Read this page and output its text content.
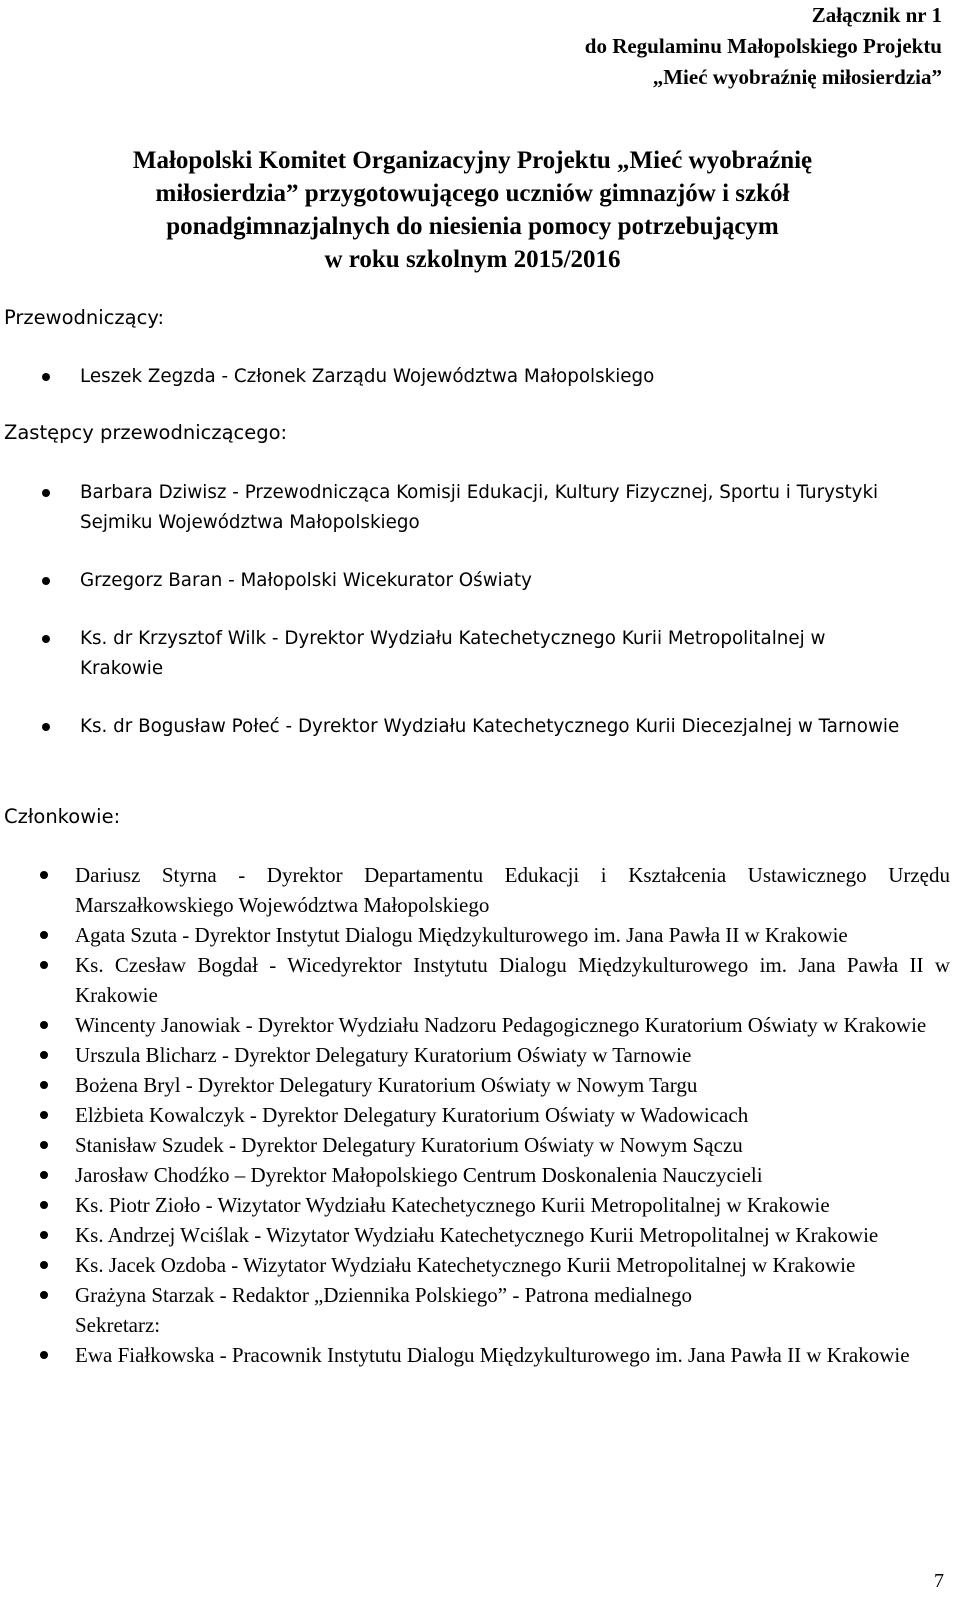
Załącznik nr 1
do Regulaminu Małopolskiego Projektu
„Mieć wyobraźnię miłosierdzia”
Małopolski Komitet Organizacyjny Projektu „Mieć wyobraźnię
miłosierdzia” przygotowującego uczniów gimnazjów i szkół
ponadgimnazjalnych do niesienia pomocy potrzebującym
w roku szkolnym 2015/2016
Przewodniczący:
Leszek Zegzda - Członek Zarządu Województwa Małopolskiego
Zastępcy przewodniczącego:
Barbara Dziwisz - Przewodnicząca Komisji Edukacji, Kultury Fizycznej, Sportu i Turystyki Sejmiku Województwa Małopolskiego
Grzegorz Baran - Małopolski Wicekurator Oświaty
Ks. dr Krzysztof Wilk - Dyrektor Wydziału Katechetycznego Kurii Metropolitalnej w Krakowie
Ks. dr Bogusław Połeć - Dyrektor Wydziału Katechetycznego Kurii Diecezjalnej w Tarnowie
Członkowie:
Dariusz Styrna - Dyrektor Departamentu Edukacji i Kształcenia Ustawicznego Urzędu Marszałkowskiego Województwa Małopolskiego
Agata Szuta - Dyrektor Instytut Dialogu Międzykulturowego im. Jana Pawła II w Krakowie
Ks. Czesław Bogdał - Wicedyrektor Instytutu Dialogu Międzykulturowego im. Jana Pawła II w Krakowie
Wincenty Janowiak - Dyrektor Wydziału Nadzoru Pedagogicznego Kuratorium Oświaty w Krakowie
Urszula Blicharz - Dyrektor Delegatury Kuratorium Oświaty w Tarnowie
Bożena Bryl - Dyrektor Delegatury Kuratorium Oświaty w Nowym Targu
Elżbieta Kowalczyk - Dyrektor Delegatury Kuratorium Oświaty w Wadowicach
Stanisław Szudek - Dyrektor Delegatury Kuratorium Oświaty w Nowym Sączu
Jarosław Chodźko – Dyrektor Małopolskiego Centrum Doskonalenia Nauczycieli
Ks. Piotr Zioło - Wizytator Wydziału Katechetycznego Kurii Metropolitalnej w Krakowie
Ks. Andrzej Wciślak - Wizytator Wydziału Katechetycznego Kurii Metropolitalnej w Krakowie
Ks. Jacek Ozdoba - Wizytator Wydziału Katechetycznego Kurii Metropolitalnej w Krakowie
Grażyna Starzak - Redaktor „Dziennika Polskiego” - Patrona medialnego
Sekretarz:
Ewa Fiałkowska - Pracownik Instytutu Dialogu Międzykulturowego im. Jana Pawła II w Krakowie
7
